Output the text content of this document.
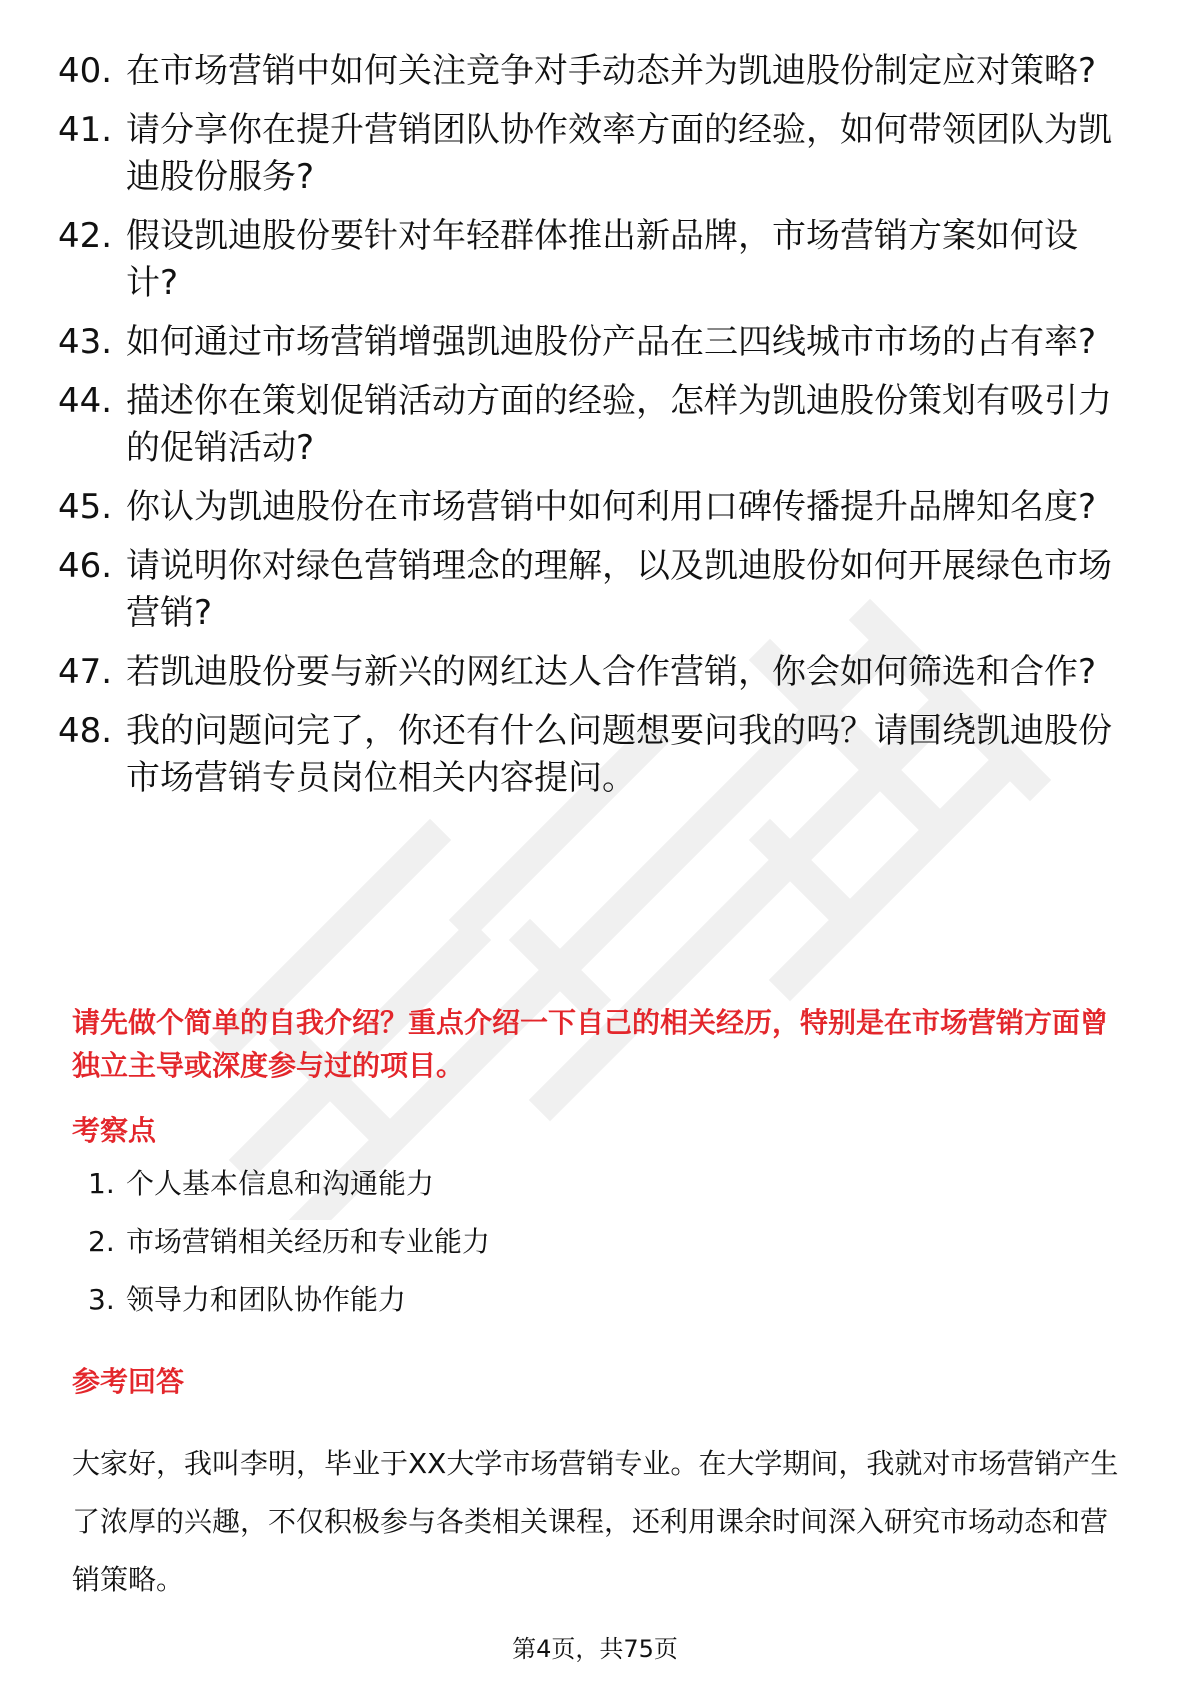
40. 在市场营销中如何关注竞争对手动态并为凯迪股份制定应对策略?
41. 请分享你在提升营销团队协作效率方面的经验，如何带领团队为凯迪股份服务?
42. 假设凯迪股份要针对年轻群体推出新品牌，市场营销方案如何设计?
43. 如何通过市场营销增强凯迪股份产品在三四线城市市场的占有率?
44. 描述你在策划促销活动方面的经验，怎样为凯迪股份策划有吸引力的促销活动?
45. 你认为凯迪股份在市场营销中如何利用口碑传播提升品牌知名度?
46. 请说明你对绿色营销理念的理解，以及凯迪股份如何开展绿色市场营销?
47. 若凯迪股份要与新兴的网红达人合作营销，你会如何筛选和合作?
48. 我的问题问完了，你还有什么问题想要问我的吗？请围绕凯迪股份市场营销专员岗位相关内容提问。
请先做个简单的自我介绍？重点介绍一下自己的相关经历，特别是在市场营销方面曾独立主导或深度参与过的项目。
考察点
1. 个人基本信息和沟通能力
2. 市场营销相关经历和专业能力
3. 领导力和团队协作能力
参考回答
大家好，我叫李明，毕业于XX大学市场营销专业。在大学期间，我就对市场营销产生了浓厚的兴趣，不仅积极参与各类相关课程，还利用课余时间深入研究市场动态和营销策略。
第4页，共75页
